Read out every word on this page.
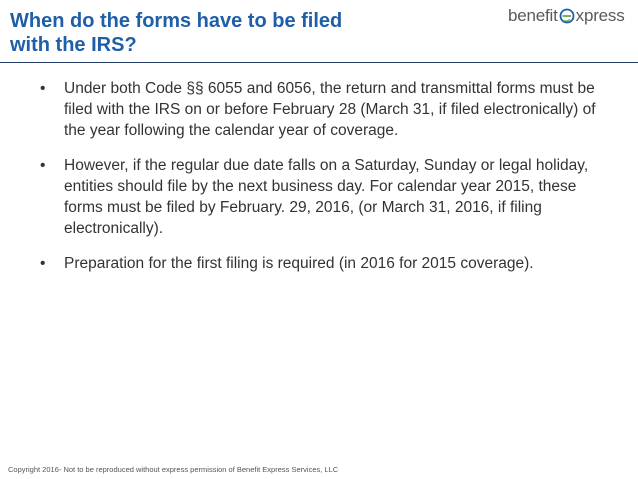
When do the forms have to be filed
with the IRS?
benefit xpress
•	Under both Code §§ 6055 and 6056, the return and transmittal forms must be filed with the IRS on or before February 28 (March 31, if filed electronically) of the year following the calendar year of coverage.
•	However, if the regular due date falls on a Saturday, Sunday or legal holiday, entities should file by the next business day. For calendar year 2015, these forms must be filed by February. 29, 2016, (or March 31, 2016, if filing electronically).
•	Preparation for the first filing is required (in 2016 for 2015 coverage).
Copyright 2016- Not to be reproduced without express permission of Benefit Express Services, LLC
